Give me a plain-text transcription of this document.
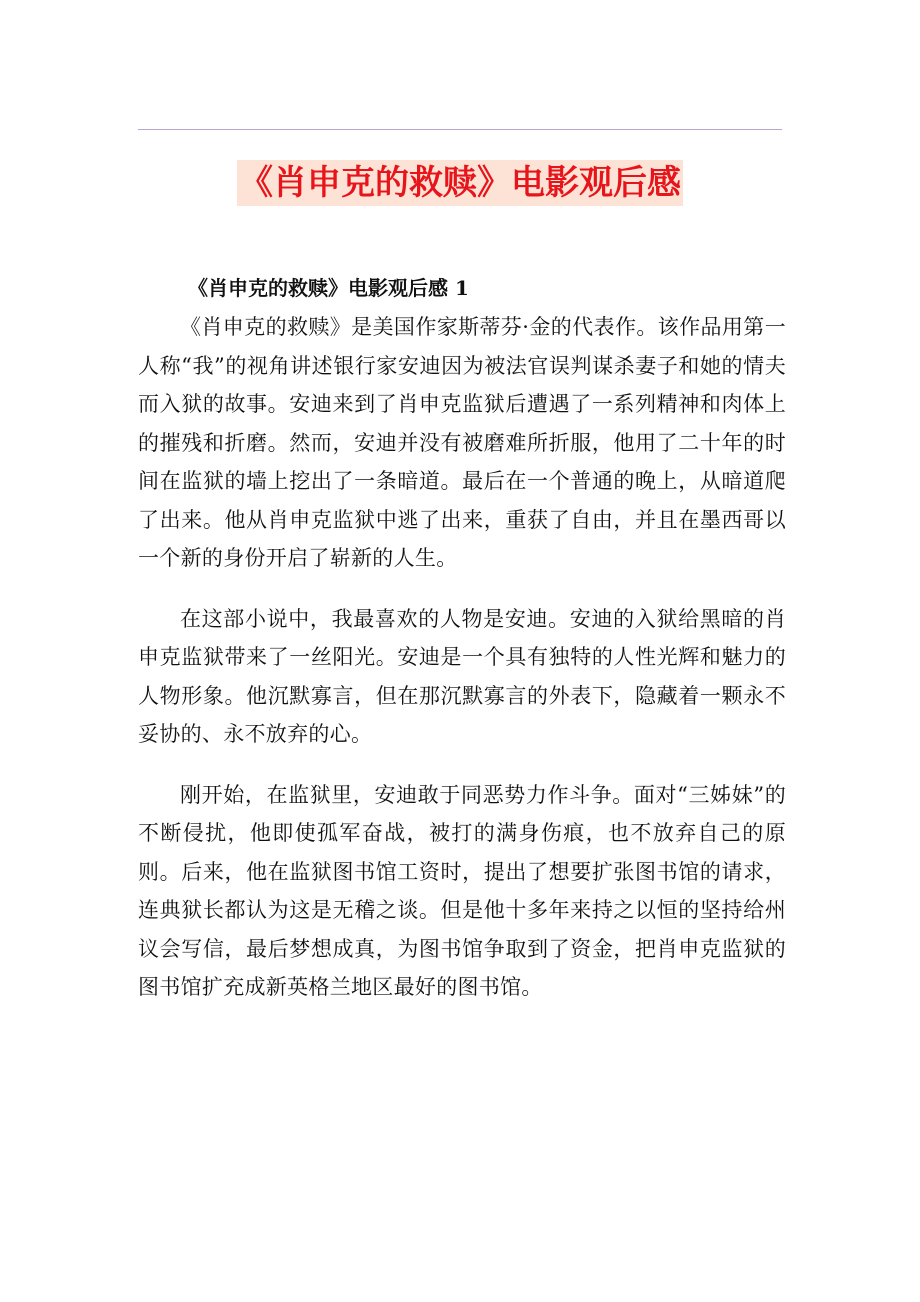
《肖申克的救赎》电影观后感
《肖申克的救赎》电影观后感 1

《肖申克的救赎》是美国作家斯蒂芬·金的代表作。该作品用第一人称“我”的视角讲述银行家安迪因为被法官误判谋杀妻子和她的情夫而入狱的故事。安迪来到了肖申克监狱后遭遇了一系列精神和肉体上的摧残和折磨。然而，安迪并没有被磨难所折服，他用了二十年的时间在监狱的墙上挖出了一条暗道。最后在一个普通的晚上，从暗道爬了出来。他从肖申克监狱中逃了出来，重获了自由，并且在墨西哥以一个新的身份开启了崭新的人生。

在这部小说中，我最喜欢的人物是安迪。安迪的入狱给黑暗的肖申克监狱带来了一丝阳光。安迪是一个具有独特的人性光辉和魅力的人物形象。他沉默寡言，但在那沉默寡言的外表下，隐藏着一颗永不妥协的、永不放弃的心。

刚开始，在监狱里，安迪敢于同恶势力作斗争。面对“三姊妹”的不断侵扰，他即使孤军奋战，被打的满身伤痕，也不放弃自己的原则。后来，他在监狱图书馆工资时，提出了想要扩张图书馆的请求，连典狱长都认为这是无稽之谈。但是他十多年来持之以恒的坚持给州议会写信，最后梦想成真，为图书馆争取到了资金，把肖申克监狱的图书馆扩充成新英格兰地区最好的图书馆。
